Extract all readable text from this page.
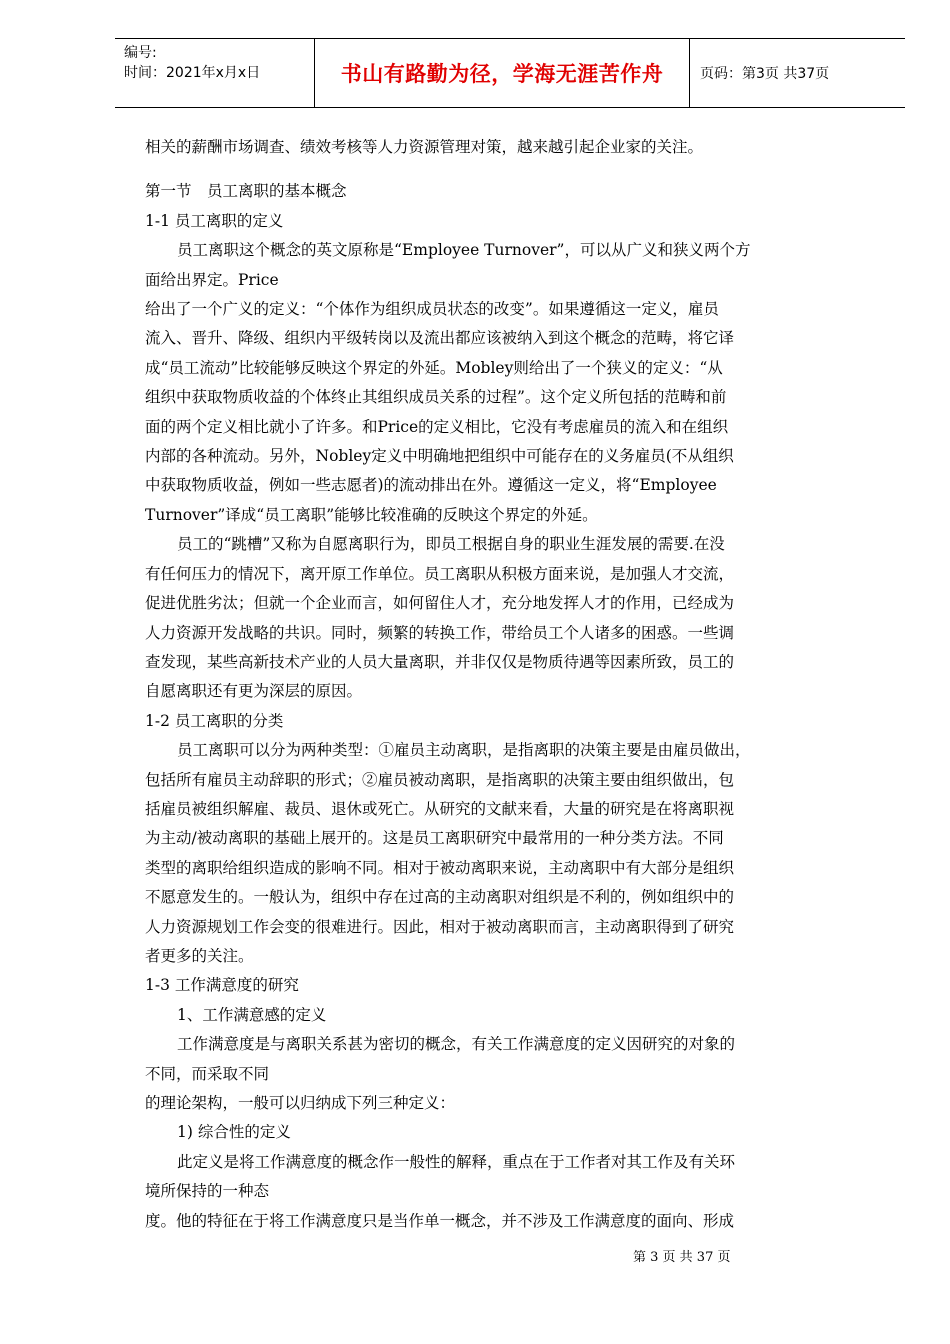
编号:
时间：2021年x月x日	书山有路勤为径，学海无涯苦作舟	页码：第3页 共37页

相关的薪酬市场调查、绩效考核等人力资源管理对策，越来越引起企业家的关注。

第一节　员工离职的基本概念

1-1 员工离职的定义

员工离职这个概念的英文原称是“Employee Turnover”，可以从广义和狭义两个方

面给出界定。Price

给出了一个广义的定义：“个体作为组织成员状态的改变”。如果遵循这一定义，雇员

流入、晋升、降级、组织内平级转岗以及流出都应该被纳入到这个概念的范畴，将它译

成“员工流动”比较能够反映这个界定的外延。Mobley则给出了一个狭义的定义：“从

组织中获取物质收益的个体终止其组织成员关系的过程”。这个定义所包括的范畴和前

面的两个定义相比就小了许多。和Price的定义相比，它没有考虑雇员的流入和在组织

内部的各种流动。另外，Nobley定义中明确地把组织中可能存在的义务雇员(不从组织

中获取物质收益，例如一些志愿者)的流动排出在外。遵循这一定义，将“Employee

Turnover”译成“员工离职”能够比较准确的反映这个界定的外延。

员工的“跳槽”又称为自愿离职行为，即员工根据自身的职业生涯发展的需要.在没

有任何压力的情况下，离开原工作单位。员工离职从积极方面来说，是加强人才交流，

促进优胜劣汰；但就一个企业而言，如何留住人才，充分地发挥人才的作用，已经成为

人力资源开发战略的共识。同时，频繁的转换工作，带给员工个人诸多的困惑。一些调

查发现，某些高新技术产业的人员大量离职，并非仅仅是物质待遇等因素所致，员工的

自愿离职还有更为深层的原因。

1-2 员工离职的分类

员工离职可以分为两种类型：①雇员主动离职，是指离职的决策主要是由雇员做出，

包括所有雇员主动辞职的形式；②雇员被动离职，是指离职的决策主要由组织做出，包

括雇员被组织解雇、裁员、退休或死亡。从研究的文献来看，大量的研究是在将离职视

为主动/被动离职的基础上展开的。这是员工离职研究中最常用的一种分类方法。不同

类型的离职给组织造成的影响不同。相对于被动离职来说，主动离职中有大部分是组织

不愿意发生的。一般认为，组织中存在过高的主动离职对组织是不利的，例如组织中的

人力资源规划工作会变的很难进行。因此，相对于被动离职而言，主动离职得到了研究

者更多的关注。

1-3 工作满意度的研究

1、工作满意感的定义

工作满意度是与离职关系甚为密切的概念，有关工作满意度的定义因研究的对象的

不同，而采取不同

的理论架构，一般可以归纳成下列三种定义：

1) 综合性的定义

此定义是将工作满意度的概念作一般性的解释，重点在于工作者对其工作及有关环

境所保持的一种态

度。他的特征在于将工作满意度只是当作单一概念，并不涉及工作满意度的面向、形成

第 3 页 共 37 页
